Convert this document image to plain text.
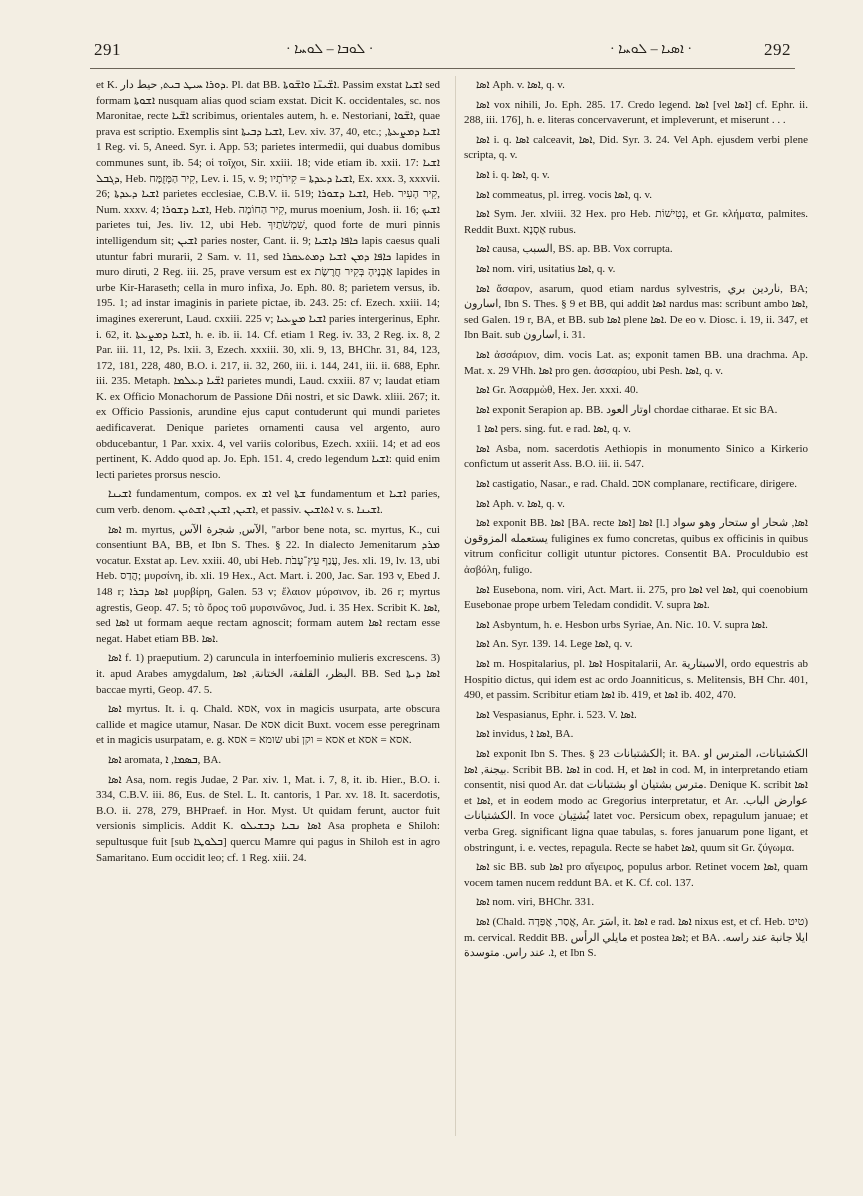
291	· ܠܘܒܐ – ܠܘܚܐ ·	· ܐܣܝܐ – ܠܘܚܐ ·	292

et K. ܕܘܪܐ ܚܝܛ ܒܝܬ, حيط دار. Pl. dat BB. ܐܫ̈ܝܢ̈ܐ ܘܐܫ̈ܘܬܐ. Passim exstat ܐܫܝܐ sed formam ܐܫܘܬܐ nusquam alias quod sciam exstat. Dicit K. occidentales, sc. nos Maronitae, recte ܐܫ̈ܝܐ scribimus, orientales autem, h. e. Nestoriani, ܐܫ̈ܘܐ, quae prava est scriptio. Exemplis sint ܐܫܝܐ ܕܒܝܬܐ, Lev. xiv. 37, 40, etc.; ܐܫܝܐ ܕܡܨܥܬܐ, 1 Reg. vi. 5, Aneed. Syr. i. App. 53; parietes intermedii, qui duabus domibus communes sunt, ib. 54; οἱ τοῖχοι, Sir. xxiii. 18; vide etiam ib. xxii. 17: ܐܫܝܐ ܕܓܒܠ, Heb. קִיר הַמְּזֻמָּח, Lev. i. 15, v. 9; ܐܫܝܐ ܕܥܕܬܐ = קִירֹתָיו, Ex. xxx. 3, xxxvii. 26; ܐܫܝܐ ܕܥܕܬܐ parietes ecclesiae, C.B.V. ii. 519; ܐܫܝܐ ܕܫܘܪܐ, Heb. קִיר הָעִיר, Num. xxxv. 4; ܐܫܝܐ ܕܫܘܪܐ, Heb. קִיר הַחוֹמָה, murus moenium, Josh. ii. 16; ܐܫܝܟ parietes tui, Jes. liv. 12, ubi Heb. שִׁמְשֹׁתַיִךְ, quod forte de muri pinnis intelligendum sit; ܐܫܝܢ paries noster, Cant. ii. 9; ܟܐܦܐ ܕܐܫܝܐ lapis caesus quali utuntur fabri murarii, 2 Sam. v. 11, sed ܟܐܦܐ ܕܡܢ ܐܫܝܐ ܕܡܬܥܩܪܐ lapides in muro diruti, 2 Reg. iii. 25, prave versum est ex אַבְנֶיהָ בְּקִיר חֲרֶשֶׂת lapides in urbe Kir-Haraseth; cella in muro infixa, Jo. Eph. 80. 8; parietem versus, ib. 195. 1; ad instar imaginis in pariete pictae, ib. 243. 25: cf. Ezech. xxiii. 14; imagines exererunt, Laud. cxxiii. 225 v; ܐܫܝܐ ܡܨܥܝܐ paries intergerinus, Ephr. i. 62, it. ܐܫܝܐ ܕܡܨܥܬܐ, h. e. ib. ii. 14. Cf. etiam 1 Reg. iv. 33, 2 Reg. ix. 8, 2 Par. iii. 11, 12, Ps. lxii. 3, Ezech. xxxiii. 30, xli. 9, 13, BHChr. 31, 84, 123, 172, 181, 228, 480, B.O. i. 217, ii. 32, 260, iii. i. 144, 241, iii. ii. 688, Ephr. iii. 235. Metaph. ܐܫ̈ܝܐ ܕܥܠܡܐ parietes mundi, Laud. cxxiii. 87 v; laudat etiam K. ex Officio Monachorum de Passione Dñi nostri, et sic Dawk. xliii. 267; it. ex Officio Passionis, arundine ejus caput contuderunt qui mundi parietes aedificaverat. Denique parietes ornamenti causa vel argento, auro obducebantur, 1 Par. xxix. 4, vel variis coloribus, Ezech. xxiii. 14; et ad eos pertinent, K. Addo quod ap. Jo. Eph. 151. 4, credo legendum ܐܫܝܐ: quid enim lecti parietes prorsus nescio.

ܐܫܝܢܐ fundamentum, compos. ex ܐܫ vel ܫܬܐ fundamentum et ܐܫܝܐ paries, cum verb. denom. ܐܫܝܢ, ܐܫܝܢ, ܐܫܬܝܢ, et passiv. ܐܬܐܫܝܢ v. s. ܐܫܝܢܐ.

ܐܣܐ m. myrtus, الآس, شجرة الآس, "arbor bene nota, sc. myrtus, K., cui consentiunt BA, BB, et Ibn S. Thes. § 22. In dialecto Jemenitarum ܡܪܕ vocatur. Exstat ap. Lev. xxiii. 40, ubi Heb. עֲנַף עֵץ־עָבֹת, Jes. xli. 19, lv. 13, ubi Heb. הֲדַס; μυρσίνη, ib. xli. 19 Hex., Act. Mart. i. 200, Jac. Sar. 193 v, Ebed J. 148 r; ܐܣܐ ܕܒܪܐ μυρβίρη, Galen. 53 v; ἔλαιον μύρσινον, ib. 26 r; myrtus agrestis, Geop. 47. 5; τὸ ὄρος τοῦ μυρσινῶνος, Jud. i. 35 Hex. Scribit K. ܐܣܐ, sed ܐܣܐ ut formam aeque rectam agnoscit; formam autem ܐܣܐ rectam esse negat. Habet etiam BB. ܐܣܐ.

ܐܣܐ f. 1) praeputium. 2) caruncula in interfoeminio mulieris excrescens. 3) it. apud Arabes amygdalum, البظر، القلفة، الختانة, ܐܣܐ. BB. Sed ܐܣܐ ܕܝܬܐ baccae myrti, Geop. 47. 5.

ܐܣܐ myrtus. It. i. q. Chald. אסא, vox in magicis usurpata, arte obscura callide et magice utamur, Nasar. De אסא dicit Buxt. vocem esse peregrinam et in magicis usurpatam, e. g. שומא = אסא ubi אסא = וקן et אסא = אסא.

ܐܣܐ aromata, ܒܣܡܐ, ܐ, BA.

ܐܣܐ Asa, nom. regis Judae, 2 Par. xiv. 1, Mat. i. 7, 8, it. ib. Hier., B.O. i. 334, C.B.V. iii. 86, Eus. de Stel. L. It. cantoris, 1 Par. xv. 18. It. sacerdotis, B.O. ii. 278, 279, BHPraef. in Hor. Myst. Ut quidam ferunt, auctor fuit versionis simplicis. Addit K. ܐܣܐ ܢܒܝܐ ܕܒܫܝܠܘ Asa propheta e Shiloh: sepultusque fuit [sub ܒܠܘܛܐ] quercu Mamre qui pagus in Shiloh est in agro Samaritano. Eum occidit leo; cf. 1 Reg. xiii. 24.

ܐܣܐ Aph. v. ܐܣܐ, q. v.

ܐܣܐ vox nihili, Jo. Eph. 285. 17. Credo legend. ܐܣܐ [vel ܐܣܐ] cf. Ephr. ii. 288, iii. 176], h. e. literas concervaverunt, et impleverunt, et miserunt . . .

ܐܣܐ i. q. ܐܣܐ calceavit, ܐܣܐ, Did. Syr. 3. 24. Vel Aph. ejusdem verbi plene scripta, q. v.

ܐܣܐ i. q. ܐܣܐ, q. v.

ܐܣܐ commeatus, pl. irreg. vocis ܐܣܐ, q. v.

ܐܣܐ Sym. Jer. xlviii. 32 Hex. pro Heb. נְטִישׁוֹת, et Gr. κλήματα, palmites. Reddit Buxt. אַסְנָא rubus.

ܐܣܐ causa, السبب, BS. ap. BB. Vox corrupta.

ܐܣܐ nom. viri, usitatius ܐܣܐ, q. v.

ܐܣܐ ἄσαρον, asarum, quod etiam nardus sylvestris, ناردين بري, BA; اسارون, Ibn S. Thes. § 9 et BB, qui addit ܐܣܐ nardus mas: scribunt ambo ܐܣܐ, sed Galen. 19 r, BA, et BB. sub ܐܣܐ plene ܐܣܐ. De eo v. Diosc. i. 19, ii. 347, et Ibn Bait. sub اسارون, i. 31.

ܐܣܐ ἀσσάριον, dim. vocis Lat. as; exponit tamen BB. una drachma. Ap. Mat. x. 29 VHh. ܐܣܐ pro gen. ἀσσαρίου, ubi Pesh. ܐܣܐ, q. v.

ܐܣܐ Gr. Ἀσαρμὼθ, Hex. Jer. xxxi. 40.

ܐܣܐ exponit Serapion ap. BB. اوتار العود chordae citharae. Et sic BA.

ܐܣܐ 1 pers. sing. fut. e rad. ܐܣܐ, q. v.

ܐܣܐ Asba, nom. sacerdotis Aethiopis in monumento Sinico a Kirkerio confictum ut asserit Ass. B.O. iii. ii. 547.

ܐܣܐ castigatio, Nasar., e rad. Chald. אסב complanare, rectificare, dirigere.

ܐܣܐ Aph. v. ܐܣܐ, q. v.

ܐܣܐ exponit BB. ܐܣܐ [BA. recte ܐܣܐ] ܐܣܐ [l.] ܐܣܐ, شحار او ستحار وهو سواد يستعمله المزوقون fuligines ex fumo concretas, quibus ex officinis in quibus vitrum conficitur colligit utuntur pictores. Consentit BA. Proculdubio est ἀσβόλη, fuligo.

ܐܣܐ Eusebona, nom. viri, Act. Mart. ii. 275, pro ܐܣܐ vel ܐܣܐ, qui coenobium Eusebonae prope urbem Teledam condidit. V. supra ܐܣܐ.

ܐܣܐ Asbyntum, h. e. Hesbon urbs Syriae, An. Nic. 10. V. supra ܐܣܐ.

ܐܣܐ An. Syr. 139. 14. Lege ܐܣܐ, q. v.

ܐܣܐ m. Hospitalarius, pl. ܐܣܐ Hospitalarii, Ar. الاسبتارية, ordo equestris ab Hospitio dictus, qui idem est ac ordo Joanniticus, s. Melitensis, BH Chr. 401, 490, et passim. Scribitur etiam ܐܣܐ ib. 419, et ܐܣܐ ib. 402, 470.

ܐܣܐ Vespasianus, Ephr. i. 523. V. ܐܣܐ.

ܐܣܐ invidus, ܐܣܐ ܐ, BA.

ܐܣܐ exponit Ibn S. Thes. § 23 الكشتبانات; it. BA. الكشتبانات، المترس او بيجنة, ܐܣܐ. Scribit BB. ܐܣܐ in cod. H, et ܐܣܐ in cod. M, in interpretando etiam consentit, nisi quod Ar. dat مترس بشتيان او بشتبانات. Denique K. scribit ܐܣܐ et ܐܣܐ, et in eodem modo ac Gregorius interpretatur, et Ar. عوارض الباب. الكشتبانات. In voce بُشتِبان latet voc. Persicum obex, repagulum januae; et verba Greg. significant ligna quae tabulas, s. fores januarum pone ligant, et obstringunt, i. e. vectes, repagula. Recte se habet ܐܣܐ, quum sit Gr. ζύγωμα.

ܐܣܐ sic BB. sub ܐܣܐ pro αἴγειρος, populus arbor. Retinet vocem ܐܣܐ, quam vocem tamen nucem reddunt BA. et K. Cf. col. 137.

ܐܣܐ nom. viri, BHChr. 331.

ܐܣܐ (Chald. אֲסַר, אֲפַּדָה, Ar. اسَرَ, it. ܐܣܐ e rad. ܐܣܐ nixus est, et cf. Heb. טיט) m. cervical. Reddit BB. مايلي الرأس et postea ܐܣܐ; et BA. ايلا جانبة عند راسه. ܐ. عند راس. متوسدة, et Ibn S.
